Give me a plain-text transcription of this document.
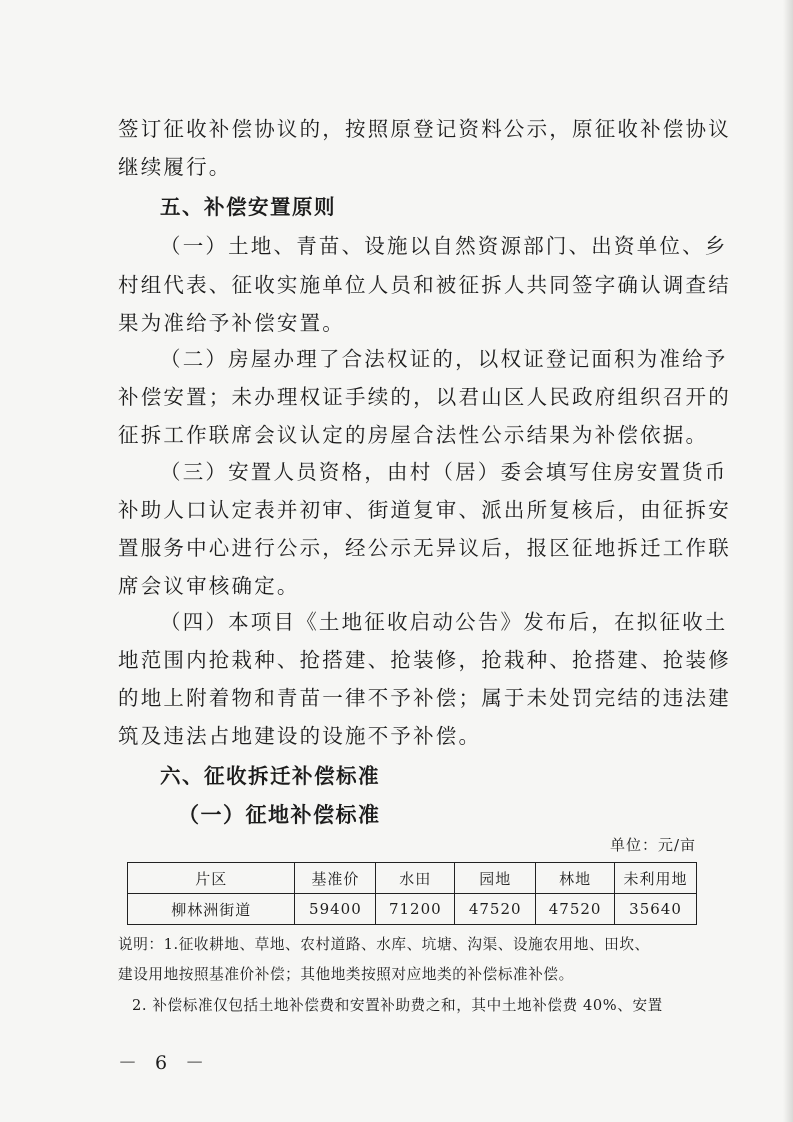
签订征收补偿协议的，按照原登记资料公示，原征收补偿协议
继续履行。
五、补偿安置原则
（一）土地、青苗、设施以自然资源部门、出资单位、乡
村组代表、征收实施单位人员和被征拆人共同签字确认调查结
果为准给予补偿安置。
（二）房屋办理了合法权证的，以权证登记面积为准给予
补偿安置；未办理权证手续的，以君山区人民政府组织召开的
征拆工作联席会议认定的房屋合法性公示结果为补偿依据。
（三）安置人员资格，由村（居）委会填写住房安置货币
补助人口认定表并初审、街道复审、派出所复核后，由征拆安
置服务中心进行公示，经公示无异议后，报区征地拆迁工作联
席会议审核确定。
（四）本项目《土地征收启动公告》发布后，在拟征收土
地范围内抢栽种、抢搭建、抢装修，抢栽种、抢搭建、抢装修
的地上附着物和青苗一律不予补偿；属于未处罚完结的违法建
筑及违法占地建设的设施不予补偿。
六、征收拆迁补偿标准
（一）征地补偿标准
单位：元/亩
片区	基准价	水田	园地	林地	未利用地
柳林洲街道	59400	71200	47520	47520	35640
说明：1.征收耕地、草地、农村道路、水库、坑塘、沟渠、设施农用地、田坎、
建设用地按照基准价补偿；其他地类按照对应地类的补偿标准补偿。
2. 补偿标准仅包括土地补偿费和安置补助费之和，其中土地补偿费 40%、安置
－ 6 －
